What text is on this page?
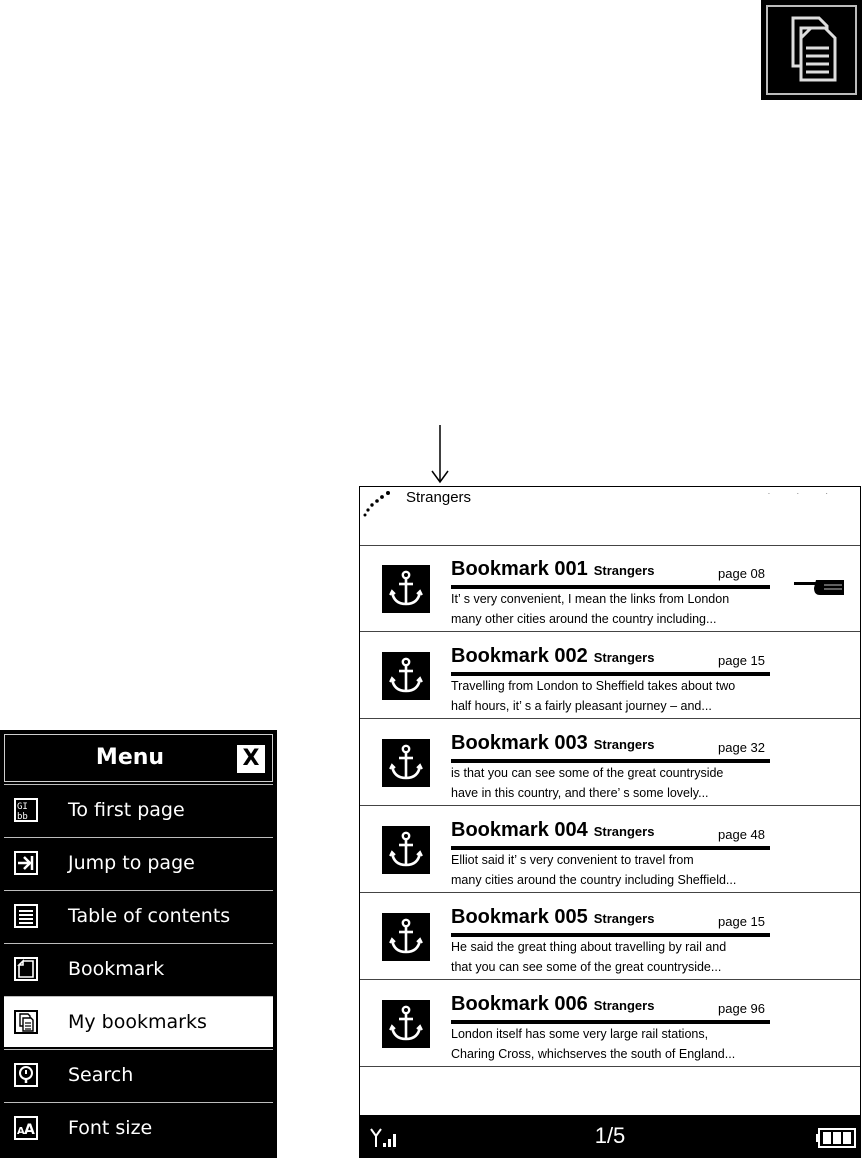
Menu	X
GI
bb To first page
Jump to page
Table of contents
Bookmark
My bookmarks
Search
A A Font size
Strangers	· · ·
Bookmark 001 Strangers	page 08
It’ s very convenient, I mean the links from London
many other cities around the country including...
Bookmark 002 Strangers	page 15
Travelling from London to Sheffield takes about two
half hours, it’ s a fairly pleasant journey – and...
Bookmark 003 Strangers	page 32
is that you can see some of the great countryside
have in this country, and there’ s some lovely...
Bookmark 004 Strangers	page 48
Elliot said it’ s very convenient to travel from
many cities around the country including Sheffield...
Bookmark 005 Strangers	page 15
He said the great thing about travelling by rail and
that you can see some of the great countryside...
Bookmark 006 Strangers	page 96
London itself has some very large rail stations,
Charing Cross, whichserves the south of England...
1/5
